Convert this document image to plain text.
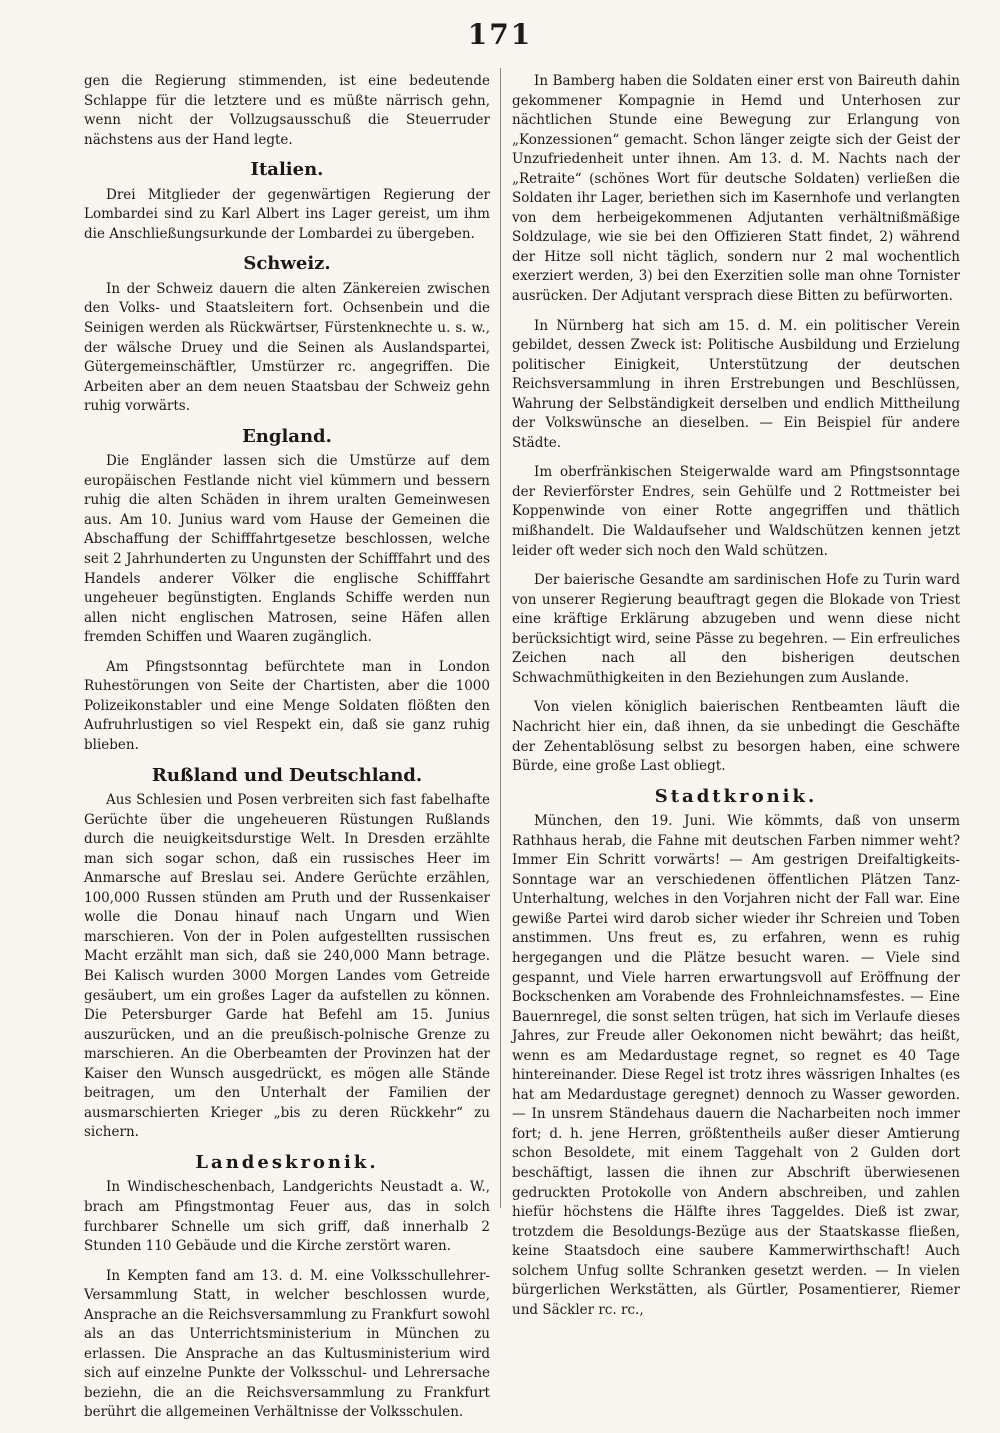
171

gen die Regierung stimmenden, ist eine bedeutende Schlappe für die letztere und es müßte närrisch gehn, wenn nicht der Vollzugsausschuß die Steuerruder nächstens aus der Hand legte.

Italien.

Drei Mitglieder der gegenwärtigen Regierung der Lombardei sind zu Karl Albert ins Lager gereist, um ihm die Anschließungsurkunde der Lombardei zu übergeben.

Schweiz.

In der Schweiz dauern die alten Zänkereien zwischen den Volks- und Staatsleitern fort. Ochsenbein und die Seinigen werden als Rückwärtser, Fürstenknechte u. s. w., der wälsche Druey und die Seinen als Auslandspartei, Gütergemeinschäftler, Umstürzer rc. angegriffen. Die Arbeiten aber an dem neuen Staatsbau der Schweiz gehn ruhig vorwärts.

England.

Die Engländer lassen sich die Umstürze auf dem europäischen Festlande nicht viel kümmern und bessern ruhig die alten Schäden in ihrem uralten Gemeinwesen aus. Am 10. Junius ward vom Hause der Gemeinen die Abschaffung der Schifffahrtgesetze beschlossen, welche seit 2 Jahrhunderten zu Ungunsten der Schifffahrt und des Handels anderer Völker die englische Schifffahrt ungeheuer begünstigten. Englands Schiffe werden nun allen nicht englischen Matrosen, seine Häfen allen fremden Schiffen und Waaren zugänglich.

Am Pfingstsonntag befürchtete man in London Ruhestörungen von Seite der Chartisten, aber die 1000 Polizeikonstabler und eine Menge Soldaten flößten den Aufruhrlustigen so viel Respekt ein, daß sie ganz ruhig blieben.

Rußland und Deutschland.

Aus Schlesien und Posen verbreiten sich fast fabelhafte Gerüchte über die ungeheueren Rüstungen Rußlands durch die neuigkeitsdurstige Welt. In Dresden erzählte man sich sogar schon, daß ein russisches Heer im Anmarsche auf Breslau sei. Andere Gerüchte erzählen, 100,000 Russen stünden am Pruth und der Russenkaiser wolle die Donau hinauf nach Ungarn und Wien marschieren. Von der in Polen aufgestellten russischen Macht erzählt man sich, daß sie 240,000 Mann betrage. Bei Kalisch wurden 3000 Morgen Landes vom Getreide gesäubert, um ein großes Lager da aufstellen zu können. Die Petersburger Garde hat Befehl am 15. Junius auszurücken, und an die preußisch-polnische Grenze zu marschieren. An die Oberbeamten der Provinzen hat der Kaiser den Wunsch ausgedrückt, es mögen alle Stände beitragen, um den Unterhalt der Familien der ausmarschierten Krieger „bis zu deren Rückkehr“ zu sichern.

Landeskronik.

In Windischeschenbach, Landgerichts Neustadt a. W., brach am Pfingstmontag Feuer aus, das in solch furchbarer Schnelle um sich griff, daß innerhalb 2 Stunden 110 Gebäude und die Kirche zerstört waren.

In Kempten fand am 13. d. M. eine Volksschullehrer-Versammlung Statt, in welcher beschlossen wurde, Ansprache an die Reichsversammlung zu Frankfurt sowohl als an das Unterrichtsministerium in München zu erlassen. Die Ansprache an das Kultusministerium wird sich auf einzelne Punkte der Volksschul- und Lehrersache beziehn, die an die Reichsversammlung zu Frankfurt berührt die allgemeinen Verhältnisse der Volksschulen.

In Bamberg haben die Soldaten einer erst von Baireuth dahin gekommener Kompagnie in Hemd und Unterhosen zur nächtlichen Stunde eine Bewegung zur Erlangung von „Konzessionen“ gemacht. Schon länger zeigte sich der Geist der Unzufriedenheit unter ihnen. Am 13. d. M. Nachts nach der „Retraite“ (schönes Wort für deutsche Soldaten) verließen die Soldaten ihr Lager, beriethen sich im Kasernhofe und verlangten von dem herbeigekommenen Adjutanten verhältnißmäßige Soldzulage, wie sie bei den Offizieren Statt findet, 2) während der Hitze soll nicht täglich, sondern nur 2 mal wochentlich exerziert werden, 3) bei den Exerzitien solle man ohne Tornister ausrücken. Der Adjutant versprach diese Bitten zu befürworten.

In Nürnberg hat sich am 15. d. M. ein politischer Verein gebildet, dessen Zweck ist: Politische Ausbildung und Erzielung politischer Einigkeit, Unterstützung der deutschen Reichsversammlung in ihren Erstrebungen und Beschlüssen, Wahrung der Selbständigkeit derselben und endlich Mittheilung der Volkswünsche an dieselben. — Ein Beispiel für andere Städte.

Im oberfränkischen Steigerwalde ward am Pfingstsonntage der Revierförster Endres, sein Gehülfe und 2 Rottmeister bei Koppenwinde von einer Rotte angegriffen und thätlich mißhandelt. Die Waldaufseher und Waldschützen kennen jetzt leider oft weder sich noch den Wald schützen.

Der baierische Gesandte am sardinischen Hofe zu Turin ward von unserer Regierung beauftragt gegen die Blokade von Triest eine kräftige Erklärung abzugeben und wenn diese nicht berücksichtigt wird, seine Pässe zu begehren. — Ein erfreuliches Zeichen nach all den bisherigen deutschen Schwachmüthigkeiten in den Beziehungen zum Auslande.

Von vielen königlich baierischen Rentbeamten läuft die Nachricht hier ein, daß ihnen, da sie unbedingt die Geschäfte der Zehentablösung selbst zu besorgen haben, eine schwere Bürde, eine große Last obliegt.

Stadtkronik.

München, den 19. Juni. Wie kömmts, daß von unserm Rathhaus herab, die Fahne mit deutschen Farben nimmer weht? Immer Ein Schritt vorwärts! — Am gestrigen Dreifaltigkeits-Sonntage war an verschiedenen öffentlichen Plätzen Tanz-Unterhaltung, welches in den Vorjahren nicht der Fall war. Eine gewiße Partei wird darob sicher wieder ihr Schreien und Toben anstimmen. Uns freut es, zu erfahren, wenn es ruhig hergegangen und die Plätze besucht waren. — Viele sind gespannt, und Viele harren erwartungsvoll auf Eröffnung der Bockschenken am Vorabende des Frohnleichnamsfestes. — Eine Bauernregel, die sonst selten trügen, hat sich im Verlaufe dieses Jahres, zur Freude aller Oekonomen nicht bewährt; das heißt, wenn es am Medardustage regnet, so regnet es 40 Tage hintereinander. Diese Regel ist trotz ihres wässrigen Inhaltes (es hat am Medardustage geregnet) dennoch zu Wasser geworden. — In unsrem Ständehaus dauern die Nacharbeiten noch immer fort; d. h. jene Herren, größtentheils außer dieser Amtierung schon Besoldete, mit einem Taggehalt von 2 Gulden dort beschäftigt, lassen die ihnen zur Abschrift überwiesenen gedruckten Protokolle von Andern abschreiben, und zahlen hiefür höchstens die Hälfte ihres Taggeldes. Dieß ist zwar, trotzdem die Besoldungs-Bezüge aus der Staatskasse fließen, keine Staatsdoch eine saubere Kammerwirthschaft! Auch solchem Unfug sollte Schranken gesetzt werden. — In vielen bürgerlichen Werkstätten, als Gürtler, Posamentierer, Riemer und Säckler rc. rc.,
